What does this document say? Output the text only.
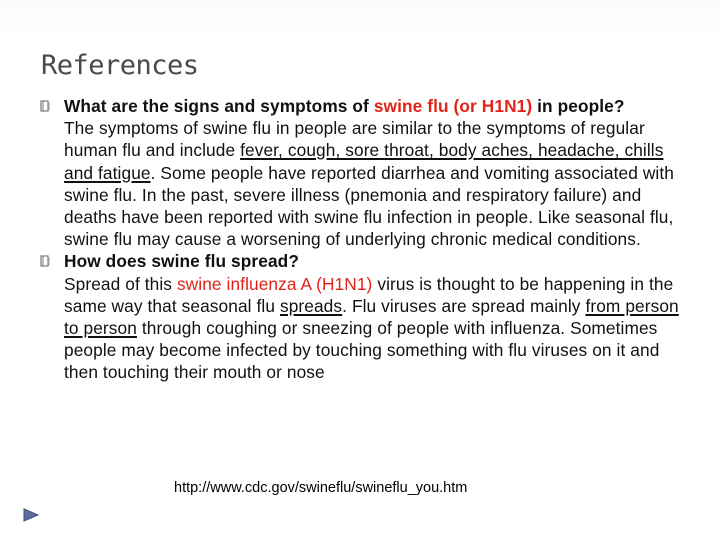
References
What are the signs and symptoms of swine flu (or H1N1) in people?
The symptoms of swine flu in people are similar to the symptoms of regular human flu and include fever, cough, sore throat, body aches, headache, chills and fatigue. Some people have reported diarrhea and vomiting associated with swine flu. In the past, severe illness (pnemonia and respiratory failure) and deaths have been reported with swine flu infection in people. Like seasonal flu, swine flu may cause a worsening of underlying chronic medical conditions.
How does swine flu spread?
Spread of this swine influenza A (H1N1) virus is thought to be happening in the same way that seasonal flu spreads. Flu viruses are spread mainly from person to person through coughing or sneezing of people with influenza. Sometimes people may become infected by touching something with flu viruses on it and then touching their mouth or nose
http://www.cdc.gov/swineflu/swineflu_you.htm
